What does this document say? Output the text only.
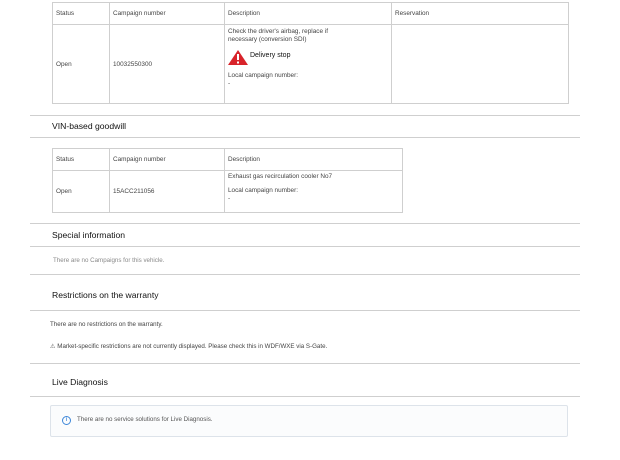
Status	Campaign number	Description	Reservation
Open	10032550300	Check the driver's airbag, replace if
necessary (conversion SDI)
Delivery stop
Local campaign number:
-	

VIN-based goodwill
Status	Campaign number	Description
Open	15ACC211056	Exhaust gas recirculation cooler No7
Local campaign number:
-
Special information
There are no Campaigns for this vehicle.
Restrictions on the warranty
There are no restrictions on the warranty.
⚠ Market-specific restrictions are not currently displayed. Please check this in WDF/WXE via S-Gate.
Live Diagnosis
i	There are no service solutions for Live Diagnosis.
